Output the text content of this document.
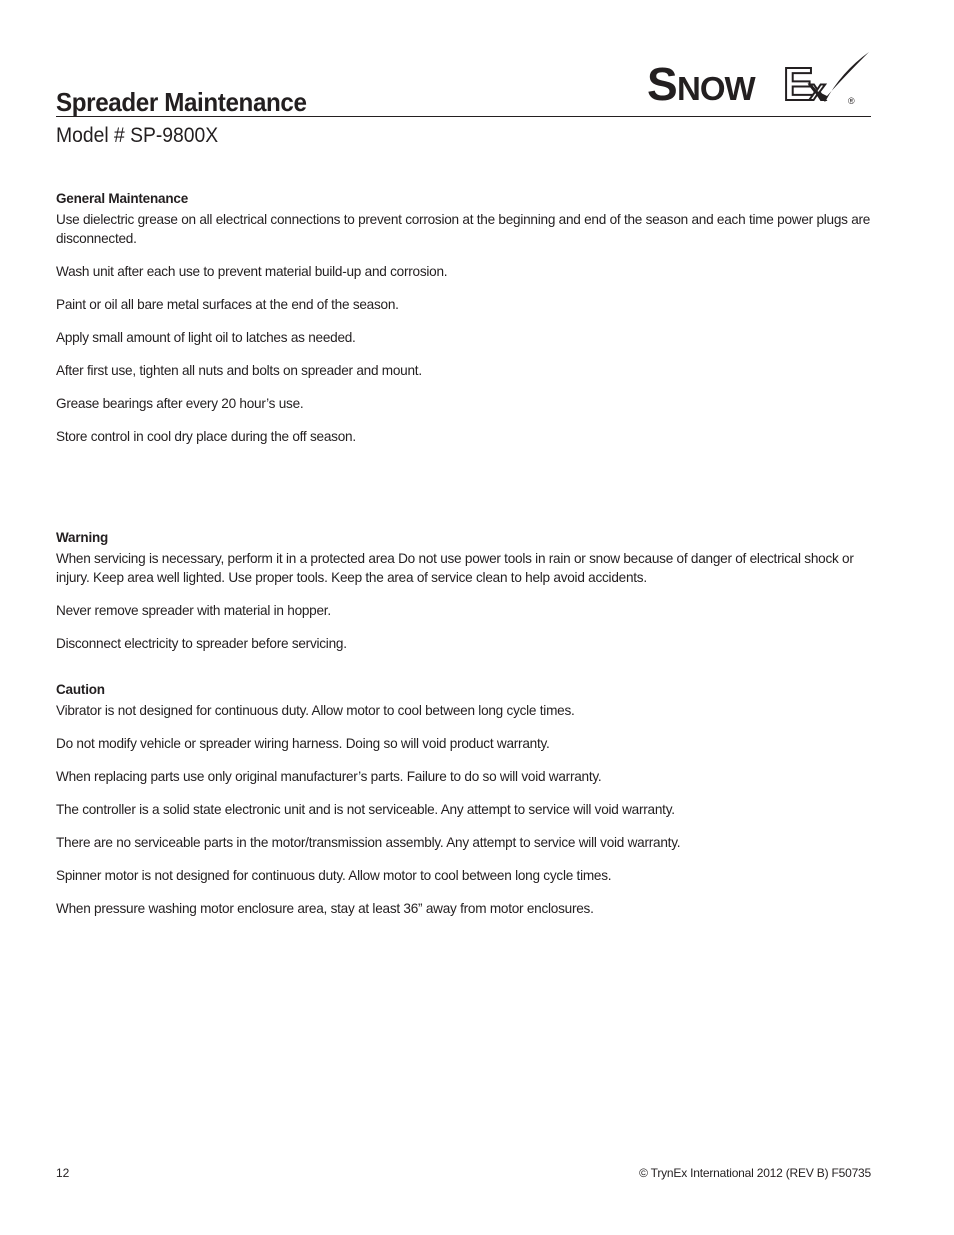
Spreader Maintenance	S NOW E
x ®

Model # SP-9800X

General Maintenance

Use dielectric grease on all electrical connections to prevent corrosion at the beginning and end of the season and each time power plugs are disconnected.

Wash unit after each use to prevent material build-up and corrosion.

Paint or oil all bare metal surfaces at the end of the season.

Apply small amount of light oil to latches as needed.

After first use, tighten all nuts and bolts on spreader and mount.

Grease bearings after every 20 hour’s use.

Store control in cool dry place during the off season.

Warning

When servicing is necessary, perform it in a protected area Do not use power tools in rain or snow because of danger of electrical shock or injury. Keep area well lighted. Use proper tools. Keep the area of service clean to help avoid accidents.

Never remove spreader with material in hopper.

Disconnect electricity to spreader before servicing.

Caution

Vibrator is not designed for continuous duty. Allow motor to cool between long cycle times.

Do not modify vehicle or spreader wiring harness. Doing so will void product warranty.

When replacing parts use only original manufacturer’s parts. Failure to do so will void warranty.

The controller is a solid state electronic unit and is not serviceable. Any attempt to service will void warranty.

There are no serviceable parts in the motor/transmission assembly. Any attempt to service will void warranty.

Spinner motor is not designed for continuous duty. Allow motor to cool between long cycle times.

When pressure washing motor enclosure area, stay at least 36” away from motor enclosures.

12	© TrynEx International 2012 (REV B) F50735
